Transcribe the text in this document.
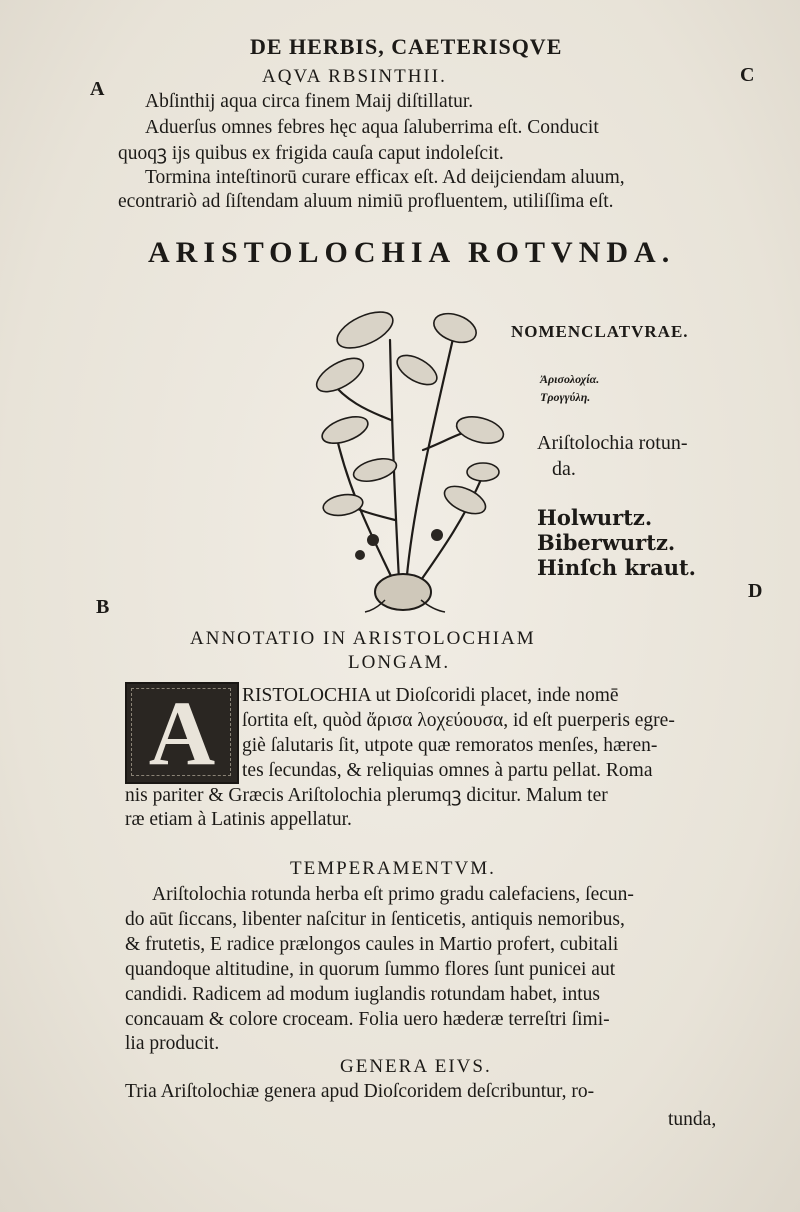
DE HERBIS, CAETERISQVE
A
C
B
D
AQVA RBSINTHII.
Abſinthij aqua circa finem Maij diſtillatur.
Aduerſus omnes febres hęc aqua ſaluberrima eſt. Conducit
quoqꝫ ijs quibus ex frigida cauſa caput indoleſcit.
Tormina inteſtinorū curare efficax eſt. Ad deijciendam aluum,
econtrariò ad ſiſtendam aluum nimiū profluentem, utiliſſima eſt.
ARISTOLOCHIA ROTVNDA.
NOMENCLATVRAE.
Ἀρισολοχία.
Τρογγύλη.
Ariſtolochia rotun-
da.
Holwurtz.
Biberwurtz.
Hinſch kraut.
ANNOTATIO IN ARISTOLOCHIAM
LONGAM.
A	RISTOLOCHIA ut Dioſcoridi placet, inde nomē
ſortita eſt, quòd ἄρισα λοχεύουσα, id eſt puerperis egre-
giè ſalutaris ſit, utpote quæ remoratos menſes, hæren-
tes ſecundas, & reliquias omnes à partu pellat. Roma
nis pariter & Græcis Ariſtolochia plerumqꝫ dicitur. Malum ter
ræ etiam à Latinis appellatur.
TEMPERAMENTVM.
Ariſtolochia rotunda herba eſt primo gradu calefaciens, ſecun-
do aūt ſiccans, libenter naſcitur in ſenticetis, antiquis nemoribus,
& frutetis, E radice prælongos caules in Martio profert, cubitali
quandoque altitudine, in quorum ſummo flores ſunt punicei aut
candidi. Radicem ad modum iuglandis rotundam habet, intus
concauam & colore croceam. Folia uero hæderæ terreſtri ſimi-
lia producit.
GENERA EIVS.
Tria Ariſtolochiæ genera apud Dioſcoridem deſcribuntur, ro-
tunda,
